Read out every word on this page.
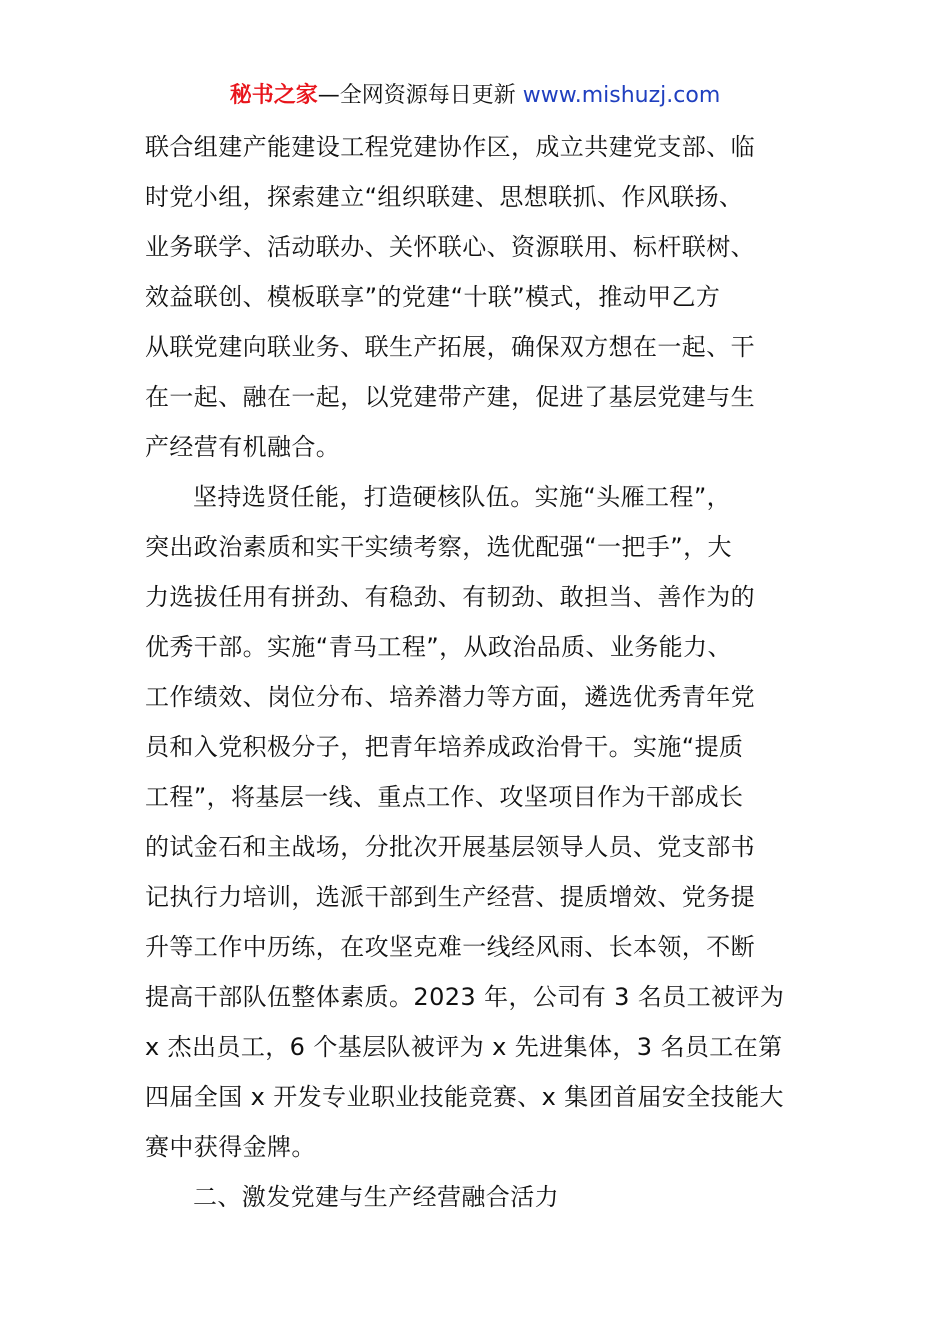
秘书之家—全网资源每日更新 www.mishuzj.com
联合组建产能建设工程党建协作区，成立共建党支部、临
时党小组，探索建立“组织联建、思想联抓、作风联扬、
业务联学、活动联办、关怀联心、资源联用、标杆联树、
效益联创、模板联享”的党建“十联”模式，推动甲乙方
从联党建向联业务、联生产拓展，确保双方想在一起、干
在一起、融在一起，以党建带产建，促进了基层党建与生
产经营有机融合。
坚持选贤任能，打造硬核队伍。实施“头雁工程”，
突出政治素质和实干实绩考察，选优配强“一把手”，大
力选拔任用有拼劲、有稳劲、有韧劲、敢担当、善作为的
优秀干部。实施“青马工程”，从政治品质、业务能力、
工作绩效、岗位分布、培养潜力等方面，遴选优秀青年党
员和入党积极分子，把青年培养成政治骨干。实施“提质
工程”，将基层一线、重点工作、攻坚项目作为干部成长
的试金石和主战场，分批次开展基层领导人员、党支部书
记执行力培训，选派干部到生产经营、提质增效、党务提
升等工作中历练，在攻坚克难一线经风雨、长本领，不断
提高干部队伍整体素质。2023 年，公司有 3 名员工被评为
x 杰出员工，6 个基层队被评为 x 先进集体，3 名员工在第
四届全国 x 开发专业职业技能竞赛、x 集团首届安全技能大
赛中获得金牌。
二、激发党建与生产经营融合活力
